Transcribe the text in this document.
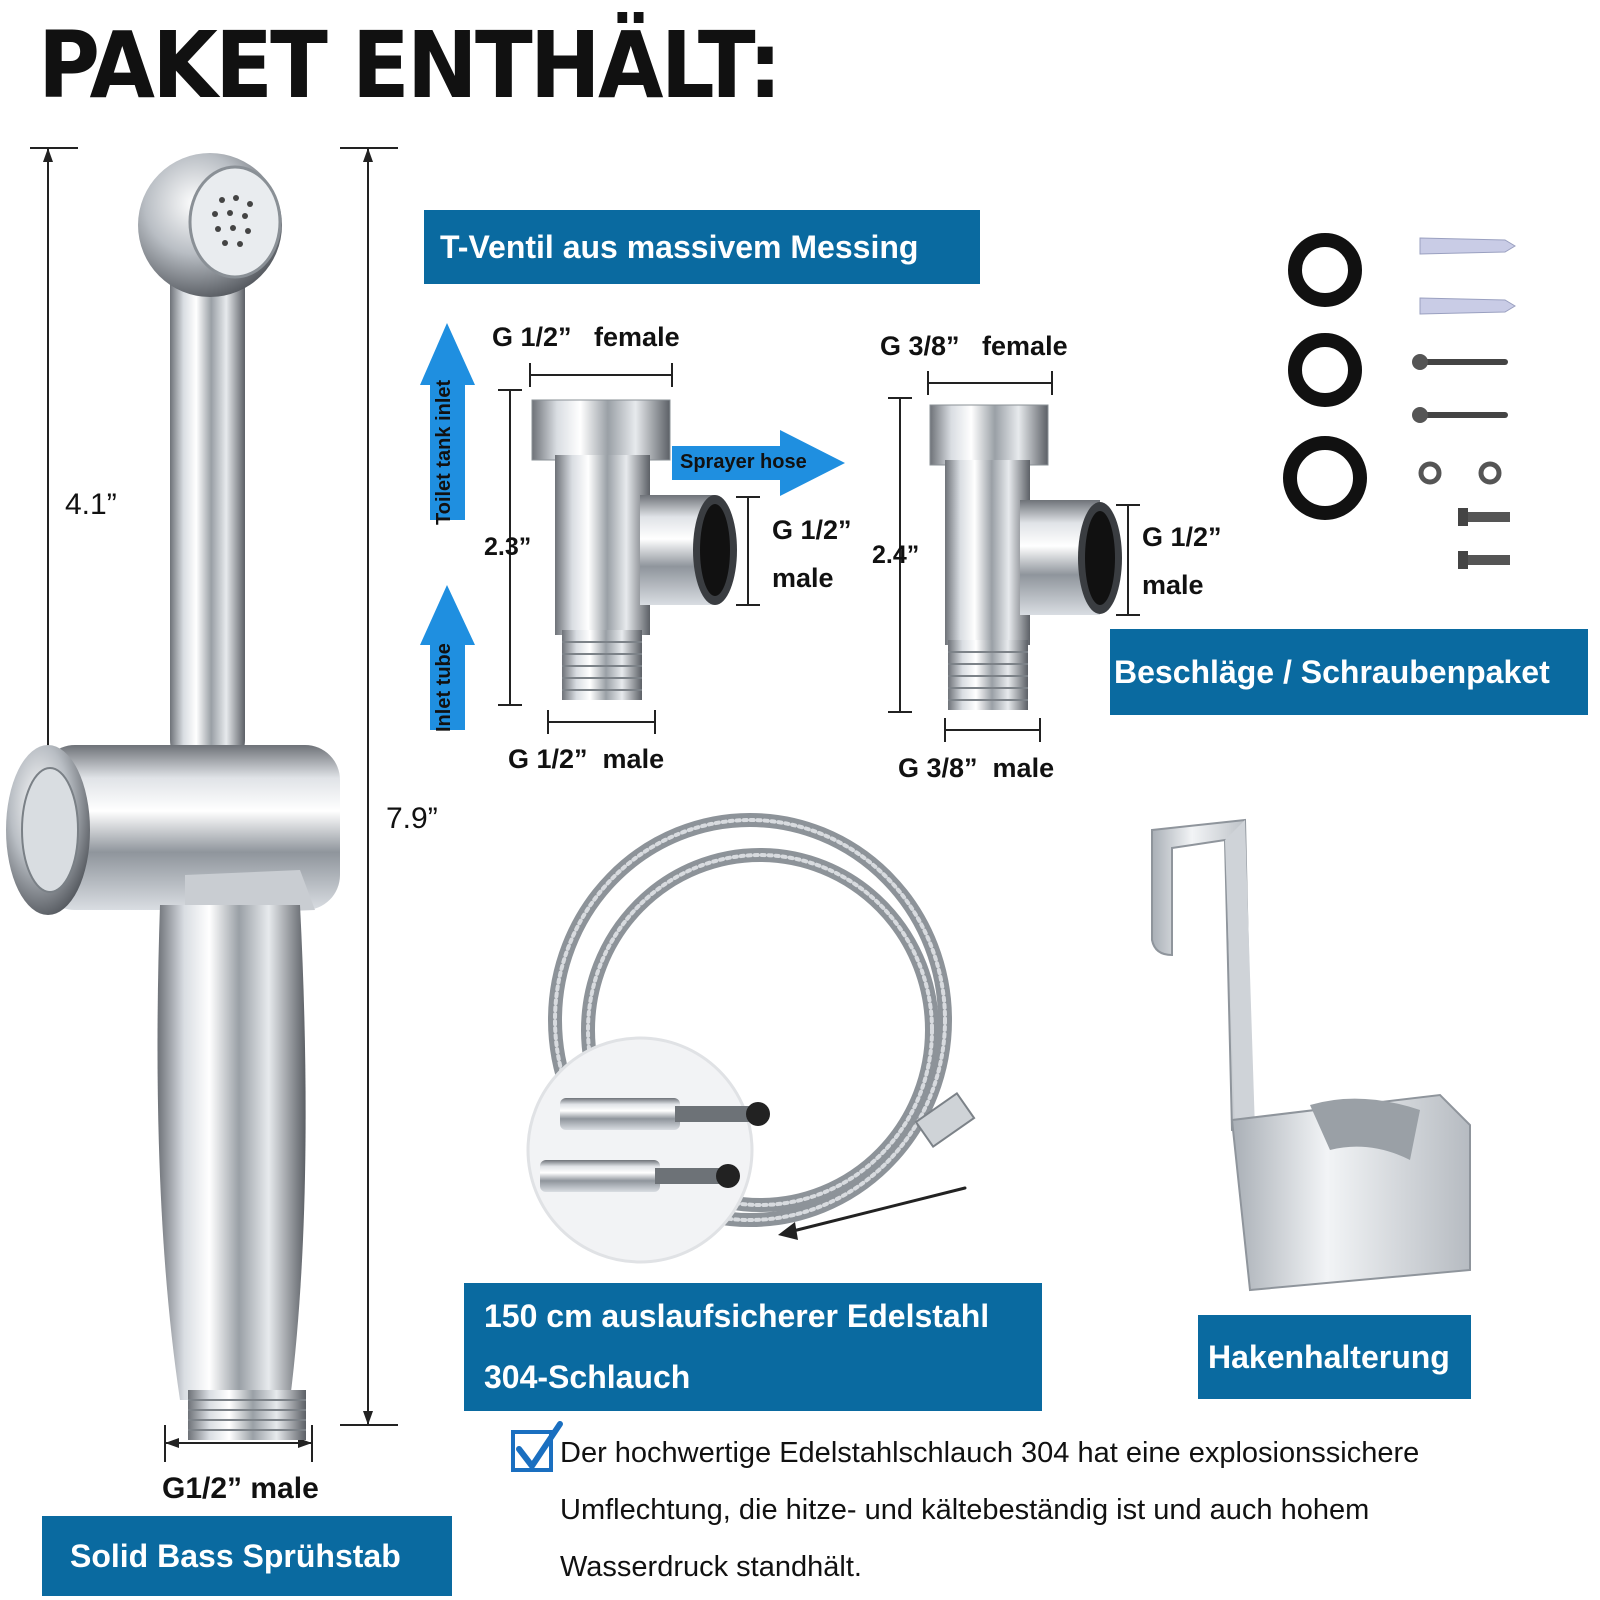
PAKET ENTHÄLT:
4.1”
7.9”
G1/2” male
T-Ventil aus massivem Messing
G 1/2”   female
2.3”
G 1/2”
male
G 1/2”  male
Toilet tank inlet
Inlet tube
Sprayer hose
G 3/8”   female
2.4”
G 1/2”
male
G 3/8”  male
Beschläge / Schraubenpaket
150 cm auslaufsicherer Edelstahl
304-Schlauch
Hakenhalterung
Solid Bass Sprühstab
Der hochwertige Edelstahlschlauch 304 hat eine explosionssichere
Umflechtung, die hitze- und kältebeständig ist und auch hohem
Wasserdruck standhält.
